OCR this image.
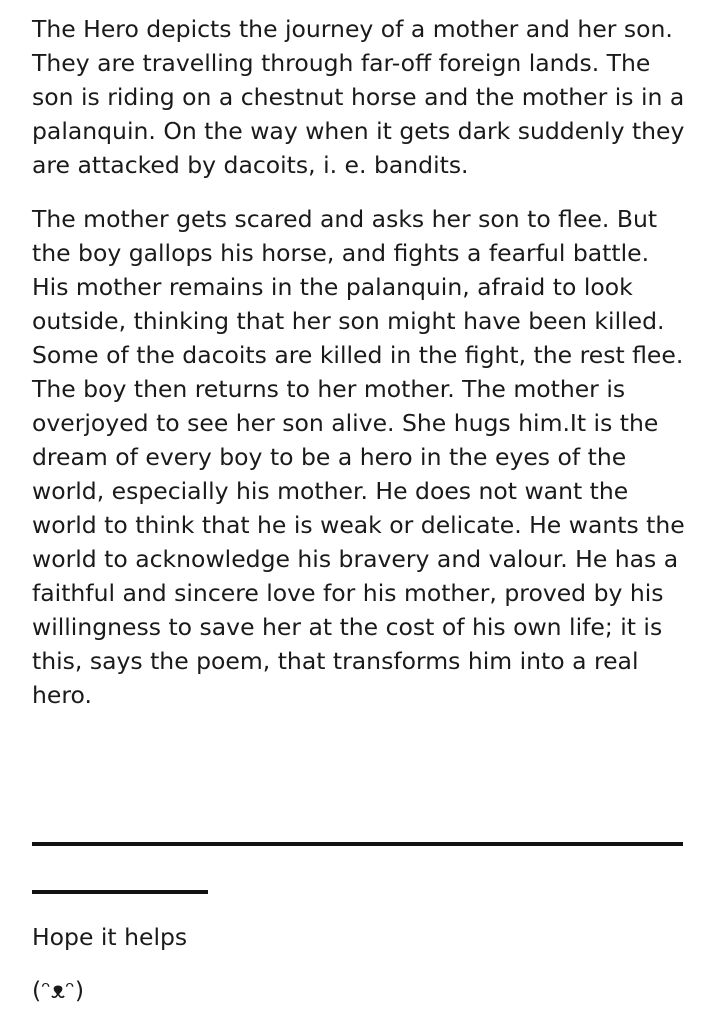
The Hero depicts the journey of a mother and her son. They are travelling through far-off foreign lands. The son is riding on a chestnut horse and the mother is in a palanquin. On the way when it gets dark suddenly they are attacked by dacoits, i. e. bandits.

The mother gets scared and asks her son to flee. But the boy gallops his horse, and fights a fearful battle. His mother remains in the palanquin, afraid to look outside, thinking that her son might have been killed. Some of the dacoits are killed in the fight, the rest flee. The boy then returns to her mother. The mother is overjoyed to see her son alive. She hugs him.It is the dream of every boy to be a hero in the eyes of the world, especially his mother. He does not want the world to think that he is weak or delicate. He wants the world to acknowledge his bravery and valour. He has a faithful and sincere love for his mother, proved by his willingness to save her at the cost of his own life; it is this, says the poem, that transforms him into a real hero.

Hope it helps

(ᵔᴥᵔ)
